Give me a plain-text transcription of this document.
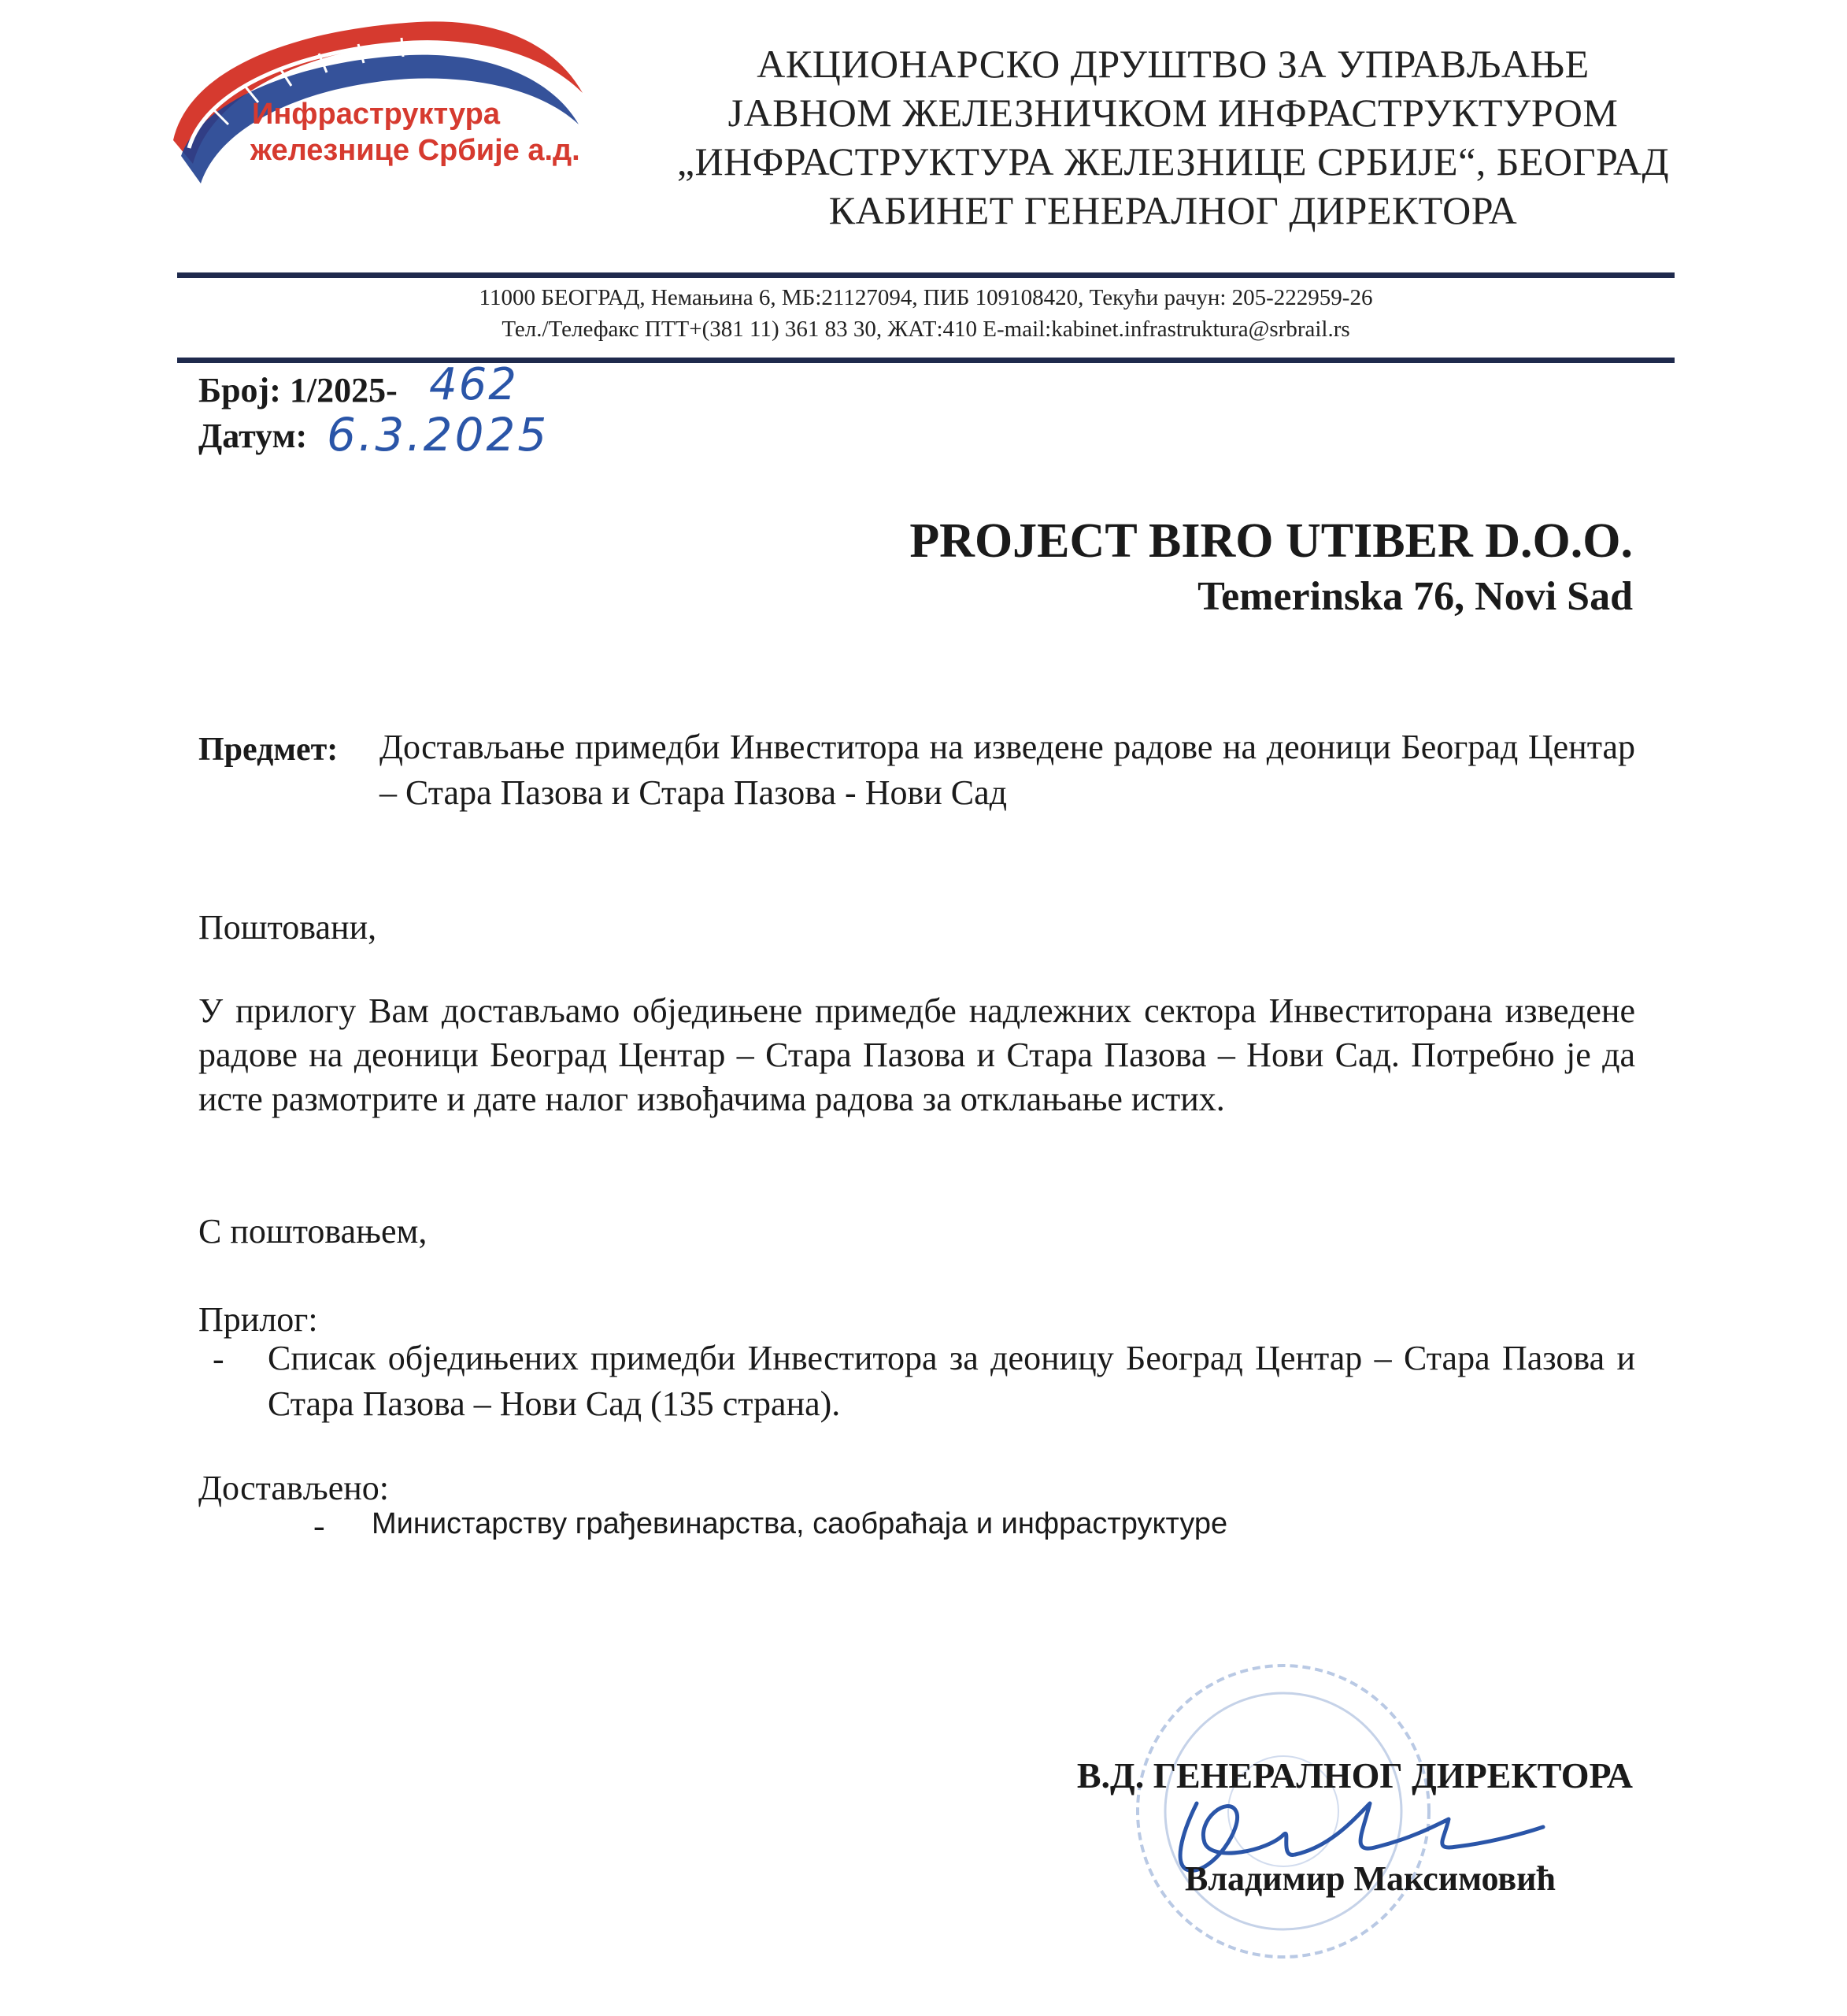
Инфраструктура
железнице Србије а.д.
АКЦИОНАРСКО ДРУШТВО ЗА УПРАВЉАЊЕ
ЈАВНОМ ЖЕЛЕЗНИЧКОМ ИНФРАСТРУКТУРОМ
„ИНФРАСТРУКТУРА ЖЕЛЕЗНИЦЕ СРБИЈЕ“, БЕОГРАД
КАБИНЕТ ГЕНЕРАЛНОГ ДИРЕКТОРА
11000 БЕОГРАД, Немањина 6, МБ:21127094, ПИБ 109108420, Текући рачун: 205-222959-26
Тел./Телефакс ПТТ+(381 11) 361 83 30, ЖАТ:410 E-mail:kabinet.infrastruktura@srbrail.rs
Број: 1/2025- 462
Датум: 6.3.2025
PROJECT BIRO UTIBER D.O.O.
Temerinska 76, Novi Sad
Предмет: Достављање примедби Инвеститора на изведене радове на деоници Београд Центар – Стара Пазова и Стара Пазова - Нови Сад
Поштовани,
У прилогу Вам достављамо обједињене примедбе надлежних сектора Инвеститорана изведене радове на деоници Београд Центар – Стара Пазова и Стара Пазова – Нови Сад. Потребно је да исте размотрите и дате налог извођачима радова за отклањање истих.
С поштовањем,
Прилог:
- Списак обједињених примедби Инвеститора за деоницу Београд Центар – Стара Пазова и Стара Пазова – Нови Сад (135 страна).
Достављено:
- Министарству грађевинарства, саобраћаја и инфраструктуре
В.Д. ГЕНЕРАЛНОГ ДИРЕКТОРА
Владимир Максимовић
